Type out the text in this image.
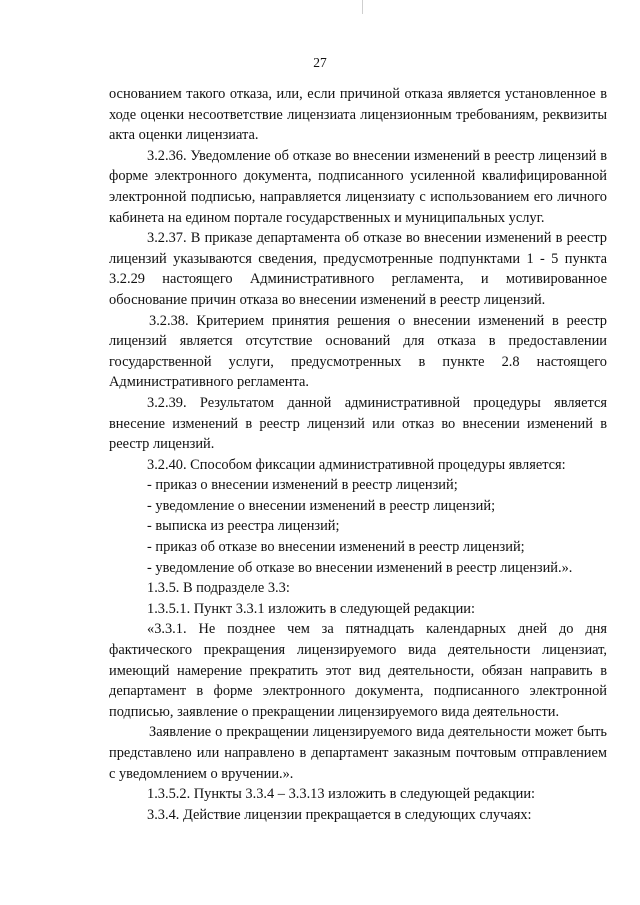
27

основанием такого отказа, или, если причиной отказа является установленное в ходе оценки несоответствие лицензиата лицензионным требованиям, реквизиты акта оценки лицензиата.

3.2.36. Уведомление об отказе во внесении изменений в реестр лицензий в форме электронного документа, подписанного усиленной квалифицированной электронной подписью, направляется лицензиату с использованием его личного кабинета на едином портале государственных и муниципальных услуг.

3.2.37. В приказе департамента об отказе во внесении изменений в реестр лицензий указываются сведения, предусмотренные подпунктами 1 - 5 пункта 3.2.29 настоящего Административного регламента, и мотивированное обоснование причин отказа во внесении изменений в реестр лицензий.

3.2.38. Критерием принятия решения о внесении изменений в реестр лицензий является отсутствие оснований для отказа в предоставлении государственной услуги, предусмотренных в пункте 2.8 настоящего Административного регламента.

3.2.39. Результатом данной административной процедуры является внесение изменений в реестр лицензий или отказ во внесении изменений в реестр лицензий.

3.2.40. Способом фиксации административной процедуры является:

- приказ о внесении изменений в реестр лицензий;

- уведомление о внесении изменений в реестр лицензий;

- выписка из реестра лицензий;

- приказ об отказе во внесении изменений в реестр лицензий;

- уведомление об отказе во внесении изменений в реестр лицензий.».

1.3.5. В подразделе 3.3:

1.3.5.1. Пункт 3.3.1 изложить в следующей редакции:

«3.3.1. Не позднее чем за пятнадцать календарных дней до дня фактического прекращения лицензируемого вида деятельности лицензиат, имеющий намерение прекратить этот вид деятельности, обязан направить в департамент в форме электронного документа, подписанного электронной подписью, заявление о прекращении лицензируемого вида деятельности.

Заявление о прекращении лицензируемого вида деятельности может быть представлено или направлено в департамент заказным почтовым отправлением с уведомлением о вручении.».

1.3.5.2. Пункты 3.3.4 – 3.3.13 изложить в следующей редакции:

3.3.4. Действие лицензии прекращается в следующих случаях:
